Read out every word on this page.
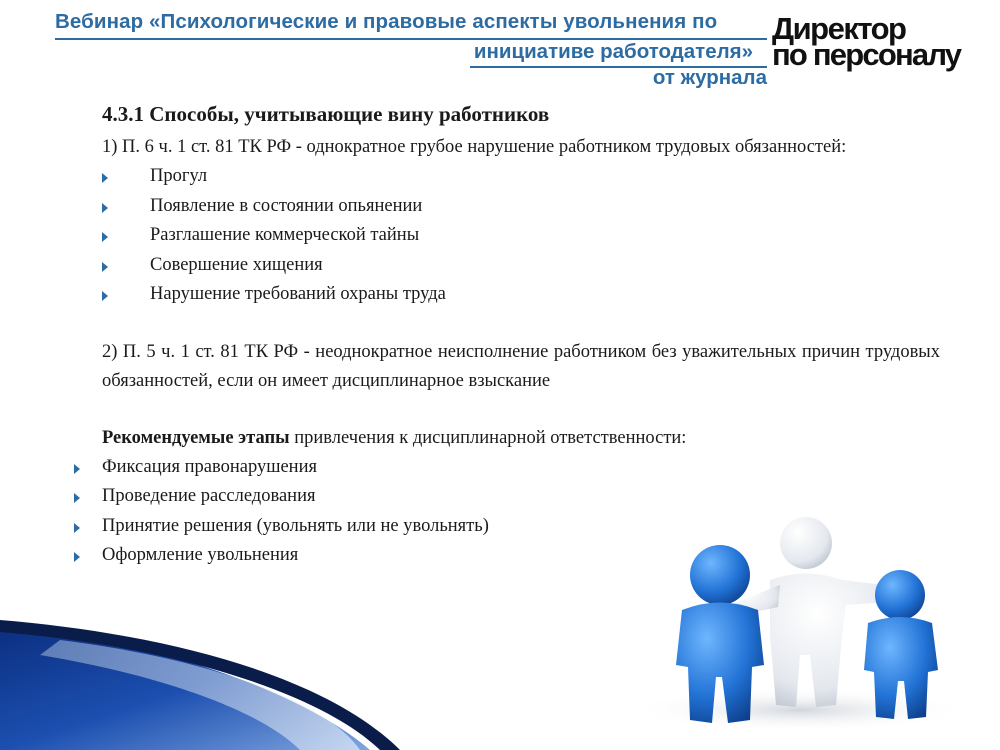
Вебинар «Психологические и правовые аспекты увольнения по
инициативе работодателя»
от журнала
Директор
по персоналу
4.3.1 Способы, учитывающие вину работников
1) П. 6 ч. 1 ст. 81 ТК РФ - однократное грубое нарушение работником трудовых обязанностей:
Прогул
Появление в состоянии опьянении
Разглашение коммерческой тайны
Совершение хищения
Нарушение требований охраны труда
2) П. 5 ч. 1 ст. 81 ТК РФ - неоднократное неисполнение работником без уважительных причин трудовых обязанностей, если он имеет дисциплинарное взыскание
Рекомендуемые этапы привлечения к дисциплинарной ответственности:
Фиксация правонарушения
Проведение расследования
Принятие решения (увольнять или не увольнять)
Оформление увольнения
